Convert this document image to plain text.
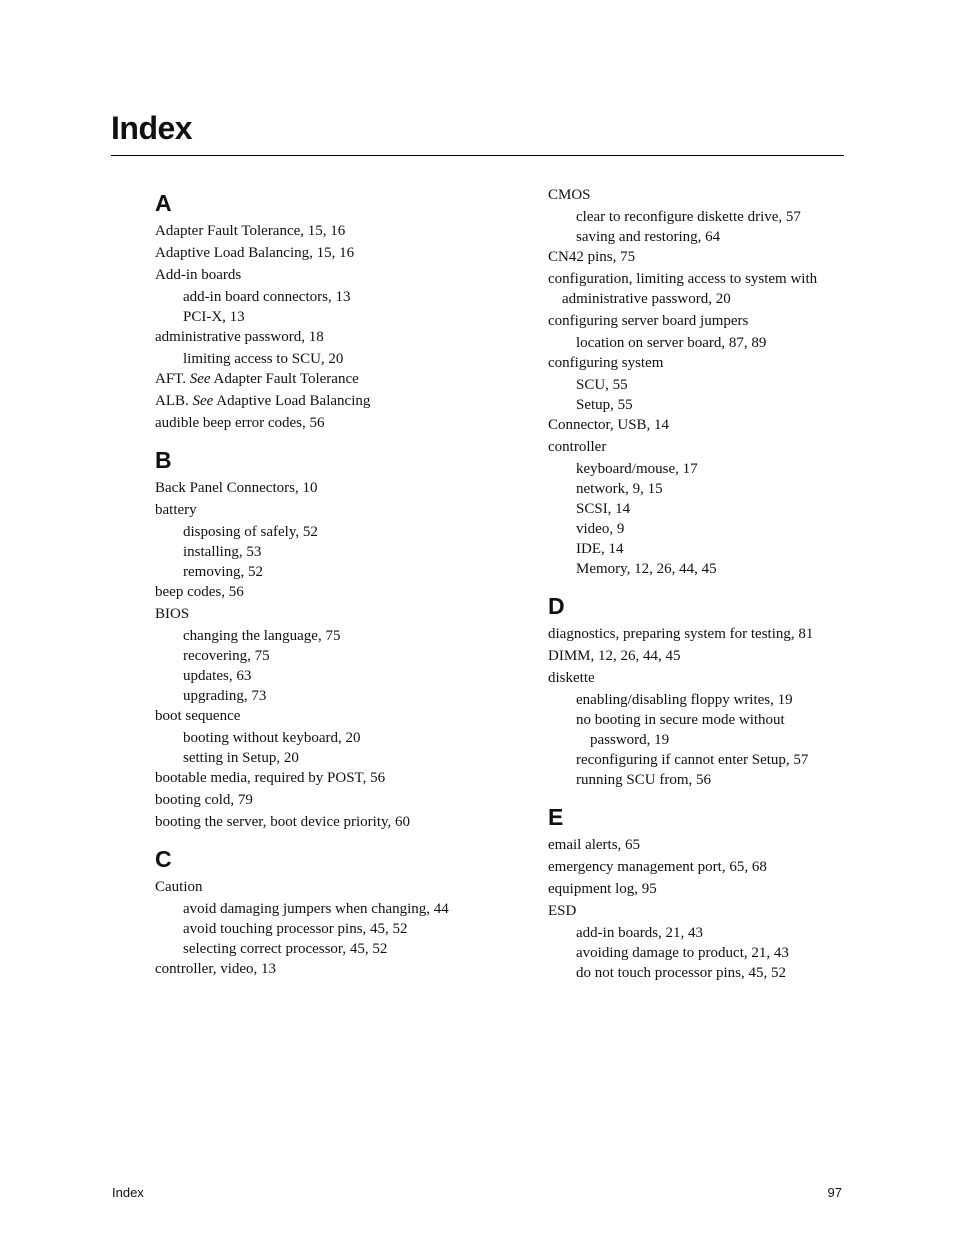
Index
A
Adapter Fault Tolerance, 15, 16
Adaptive Load Balancing, 15, 16
Add-in boards
add-in board connectors, 13
PCI-X, 13
administrative password, 18
limiting access to SCU, 20
AFT. See Adapter Fault Tolerance
ALB. See Adaptive Load Balancing
audible beep error codes, 56
B
Back Panel Connectors, 10
battery
disposing of safely, 52
installing, 53
removing, 52
beep codes, 56
BIOS
changing the language, 75
recovering, 75
updates, 63
upgrading, 73
boot sequence
booting without keyboard, 20
setting in Setup, 20
bootable media, required by POST, 56
booting cold, 79
booting the server, boot device priority, 60
C
Caution
avoid damaging jumpers when changing, 44
avoid touching processor pins, 45, 52
selecting correct processor, 45, 52
controller, video, 13
CMOS
clear to reconfigure diskette drive, 57
saving and restoring, 64
CN42 pins, 75
configuration, limiting access to system with administrative password, 20
configuring server board jumpers
location on server board, 87, 89
configuring system
SCU, 55
Setup, 55
Connector, USB, 14
controller
keyboard/mouse, 17
network, 9, 15
SCSI, 14
video, 9
IDE, 14
Memory, 12, 26, 44, 45
D
diagnostics, preparing system for testing, 81
DIMM, 12, 26, 44, 45
diskette
enabling/disabling floppy writes, 19
no booting in secure mode without password, 19
reconfiguring if cannot enter Setup, 57
running SCU from, 56
E
email alerts, 65
emergency management port, 65, 68
equipment log, 95
ESD
add-in boards, 21, 43
avoiding damage to product, 21, 43
do not touch processor pins, 45, 52
Index	97
